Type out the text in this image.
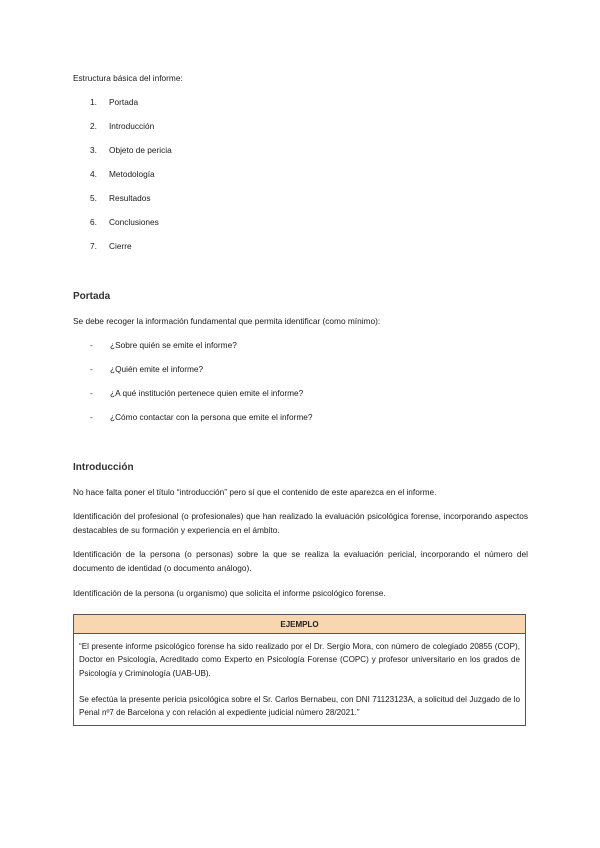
Estructura básica del informe:

1. Portada

2. Introducción

3. Objeto de pericia

4. Metodología

5. Resultados

6. Conclusiones

7. Cierre

Portada

Se debe recoger la información fundamental que permita identificar (como mínimo):

- ¿Sobre quién se emite el informe?

- ¿Quién emite el informe?

- ¿A qué institución pertenece quien emite el informe?

- ¿Cómo contactar con la persona que emite el informe?

Introducción

No hace falta poner el título “introducción” pero sí que el contenido de este aparezca en el informe.

Identificación del profesional (o profesionales) que han realizado la evaluación psicológica forense, incorporando aspectos destacables de su formación y experiencia en el ámbito.

Identificación de la persona (o personas) sobre la que se realiza la evaluación pericial, incorporando el número del documento de identidad (o documento análogo).

Identificación de la persona (u organismo) que solicita el informe psicológico forense.

EJEMPLO

“El presente informe psicológico forense ha sido realizado por el Dr. Sergio Mora, con número de colegiado 20855 (COP), Doctor en Psicología, Acreditado como Experto en Psicología Forense (COPC) y profesor universitario en los grados de Psicología y Criminología (UAB-UB).

Se efectúa la presente pericia psicológica sobre el Sr. Carlos Bernabeu, con DNI 71123123A, a solicitud del Juzgado de lo Penal nº7 de Barcelona y con relación al expediente judicial número 28/2021.”
